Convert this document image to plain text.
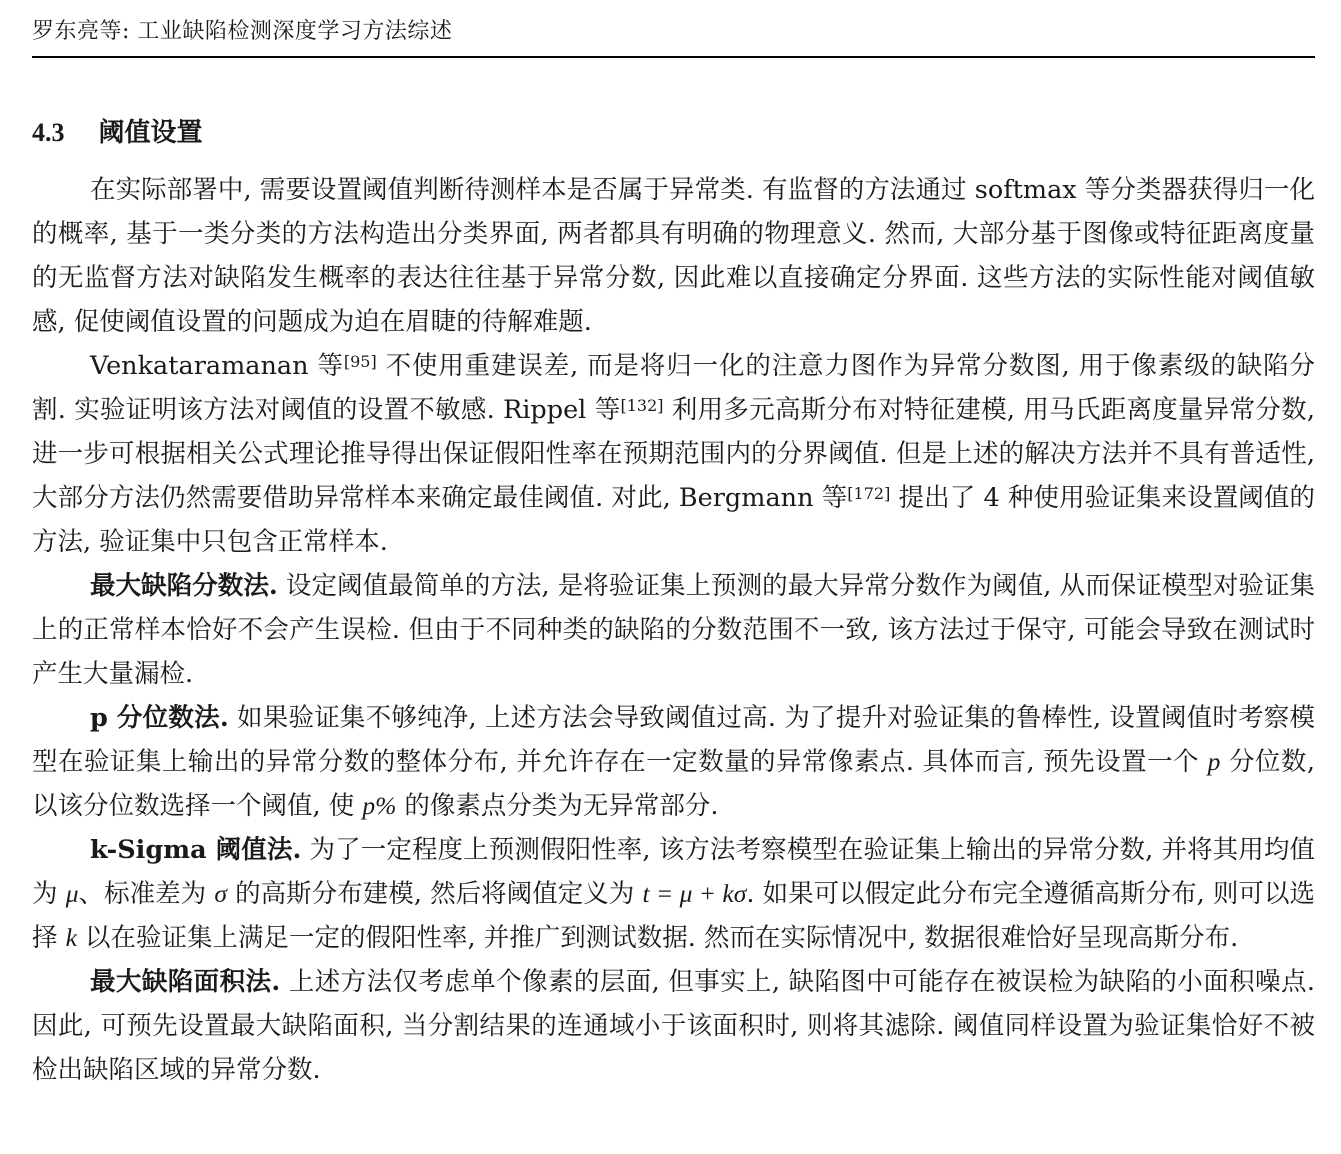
罗东亮等: 工业缺陷检测深度学习方法综述
4.3 阈值设置

在实际部署中, 需要设置阈值判断待测样本是否属于异常类. 有监督的方法通过 softmax 等分类器获得归一化的概率, 基于一类分类的方法构造出分类界面, 两者都具有明确的物理意义. 然而, 大部分基于图像或特征距离度量的无监督方法对缺陷发生概率的表达往往基于异常分数, 因此难以直接确定分界面. 这些方法的实际性能对阈值敏感, 促使阈值设置的问题成为迫在眉睫的待解难题.

Venkataramanan 等[95] 不使用重建误差, 而是将归一化的注意力图作为异常分数图, 用于像素级的缺陷分割. 实验证明该方法对阈值的设置不敏感. Rippel 等[132] 利用多元高斯分布对特征建模, 用马氏距离度量异常分数, 进一步可根据相关公式理论推导得出保证假阳性率在预期范围内的分界阈值. 但是上述的解决方法并不具有普适性, 大部分方法仍然需要借助异常样本来确定最佳阈值. 对此, Bergmann 等[172] 提出了 4 种使用验证集来设置阈值的方法, 验证集中只包含正常样本.

最大缺陷分数法. 设定阈值最简单的方法, 是将验证集上预测的最大异常分数作为阈值, 从而保证模型对验证集上的正常样本恰好不会产生误检. 但由于不同种类的缺陷的分数范围不一致, 该方法过于保守, 可能会导致在测试时产生大量漏检.

p 分位数法. 如果验证集不够纯净, 上述方法会导致阈值过高. 为了提升对验证集的鲁棒性, 设置阈值时考察模型在验证集上输出的异常分数的整体分布, 并允许存在一定数量的异常像素点. 具体而言, 预先设置一个 p 分位数, 以该分位数选择一个阈值, 使 p% 的像素点分类为无异常部分.

k-Sigma 阈值法. 为了一定程度上预测假阳性率, 该方法考察模型在验证集上输出的异常分数, 并将其用均值为 μ、标准差为 σ 的高斯分布建模, 然后将阈值定义为 t = μ + kσ. 如果可以假定此分布完全遵循高斯分布, 则可以选择 k 以在验证集上满足一定的假阳性率, 并推广到测试数据. 然而在实际情况中, 数据很难恰好呈现高斯分布.

最大缺陷面积法. 上述方法仅考虑单个像素的层面, 但事实上, 缺陷图中可能存在被误检为缺陷的小面积噪点. 因此, 可预先设置最大缺陷面积, 当分割结果的连通域小于该面积时, 则将其滤除. 阈值同样设置为验证集恰好不被检出缺陷区域的异常分数.
